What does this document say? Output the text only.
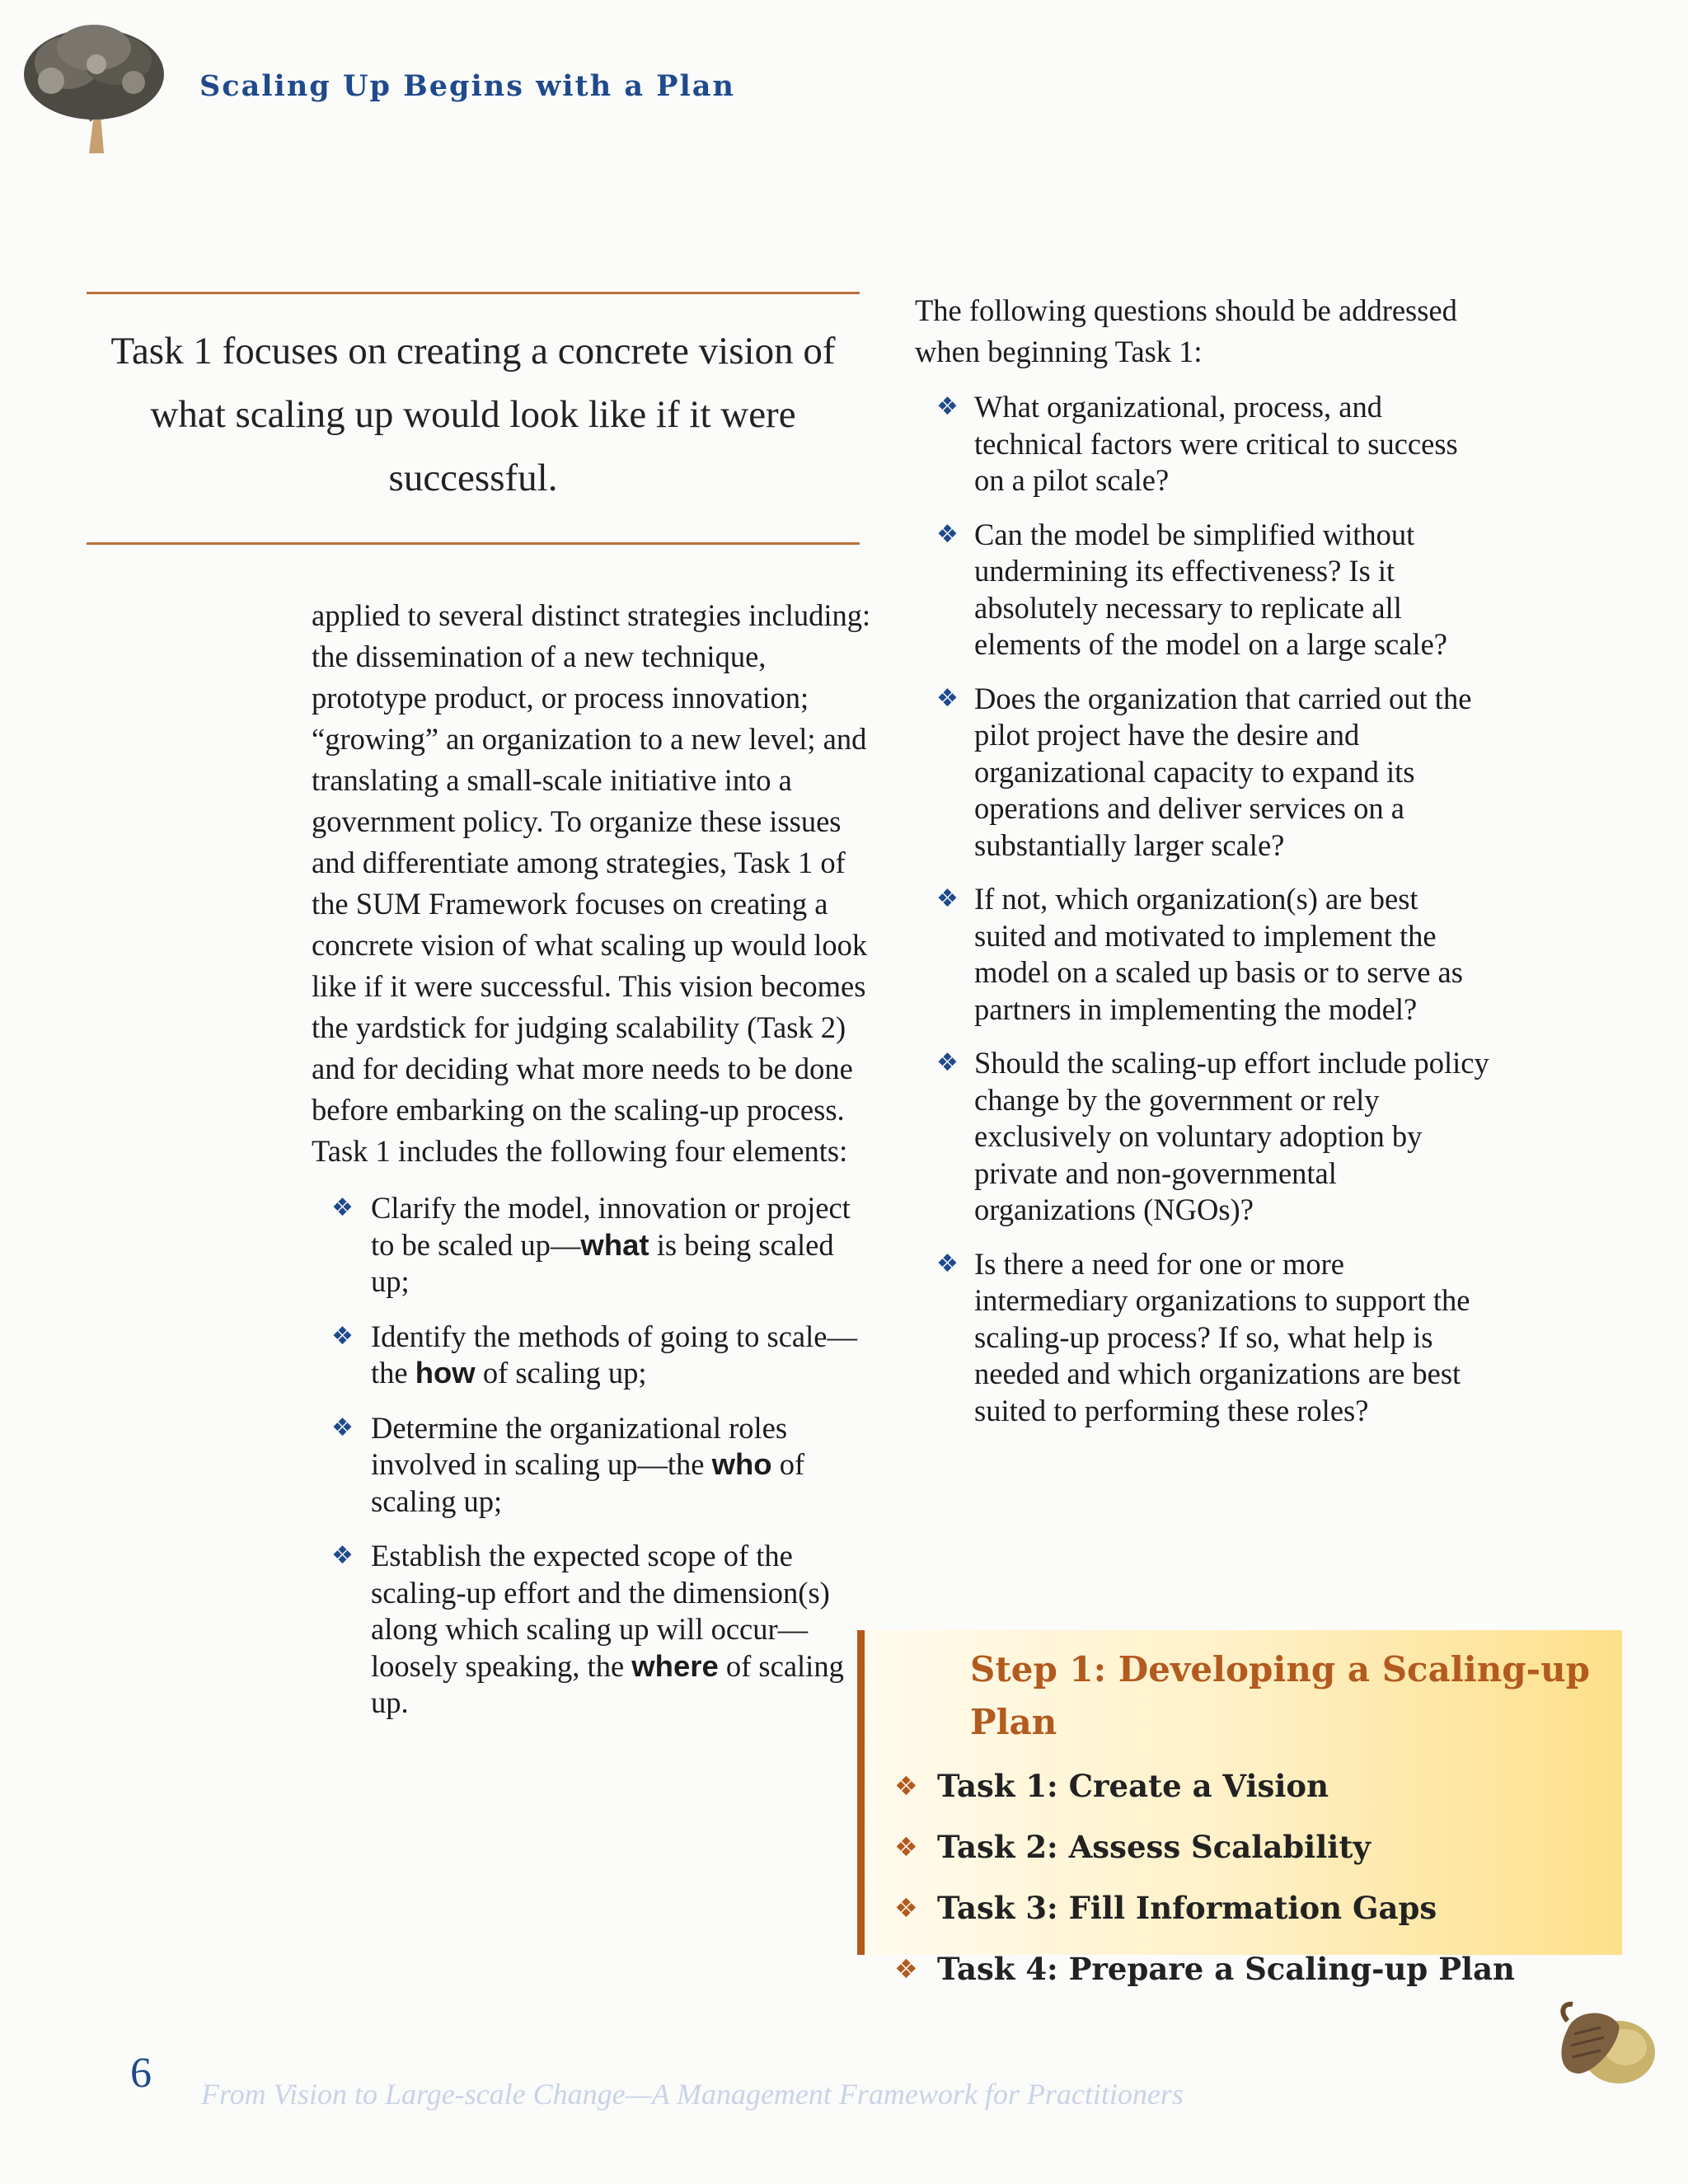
Scaling Up Begins with a Plan
Task 1 focuses on creating a concrete vision of what scaling up would look like if it were successful.

applied to several distinct strategies including: the dissemination of a new technique, prototype product, or process innovation; “growing” an organization to a new level; and translating a small-scale initiative into a government policy. To organize these issues and differentiate among strategies, Task 1 of the SUM Framework focuses on creating a concrete vision of what scaling up would look like if it were successful. This vision becomes the yardstick for judging scalability (Task 2) and for deciding what more needs to be done before embarking on the scaling-up process. Task 1 includes the following four elements:

❖ Clarify the model, innovation or project to be scaled up—what is being scaled up;
❖ Identify the methods of going to scale—the how of scaling up;
❖ Determine the organizational roles involved in scaling up—the who of scaling up;
❖ Establish the expected scope of the scaling-up effort and the dimension(s) along which scaling up will occur—loosely speaking, the where of scaling up.

The following questions should be addressed when beginning Task 1:

❖ What organizational, process, and technical factors were critical to success on a pilot scale?
❖ Can the model be simplified without undermining its effectiveness? Is it absolutely necessary to replicate all elements of the model on a large scale?
❖ Does the organization that carried out the pilot project have the desire and organizational capacity to expand its operations and deliver services on a substantially larger scale?
❖ If not, which organization(s) are best suited and motivated to implement the model on a scaled up basis or to serve as partners in implementing the model?
❖ Should the scaling-up effort include policy change by the government or rely exclusively on voluntary adoption by private and non-governmental organizations (NGOs)?
❖ Is there a need for one or more intermediary organizations to support the scaling-up process? If so, what help is needed and which organizations are best suited to performing these roles?
Step 1: Developing a Scaling-up Plan
❖ Task 1: Create a Vision
❖ Task 2: Assess Scalability
❖ Task 3: Fill Information Gaps
❖ Task 4: Prepare a Scaling-up Plan
6 From Vision to Large-scale Change—A Management Framework for Practitioners
